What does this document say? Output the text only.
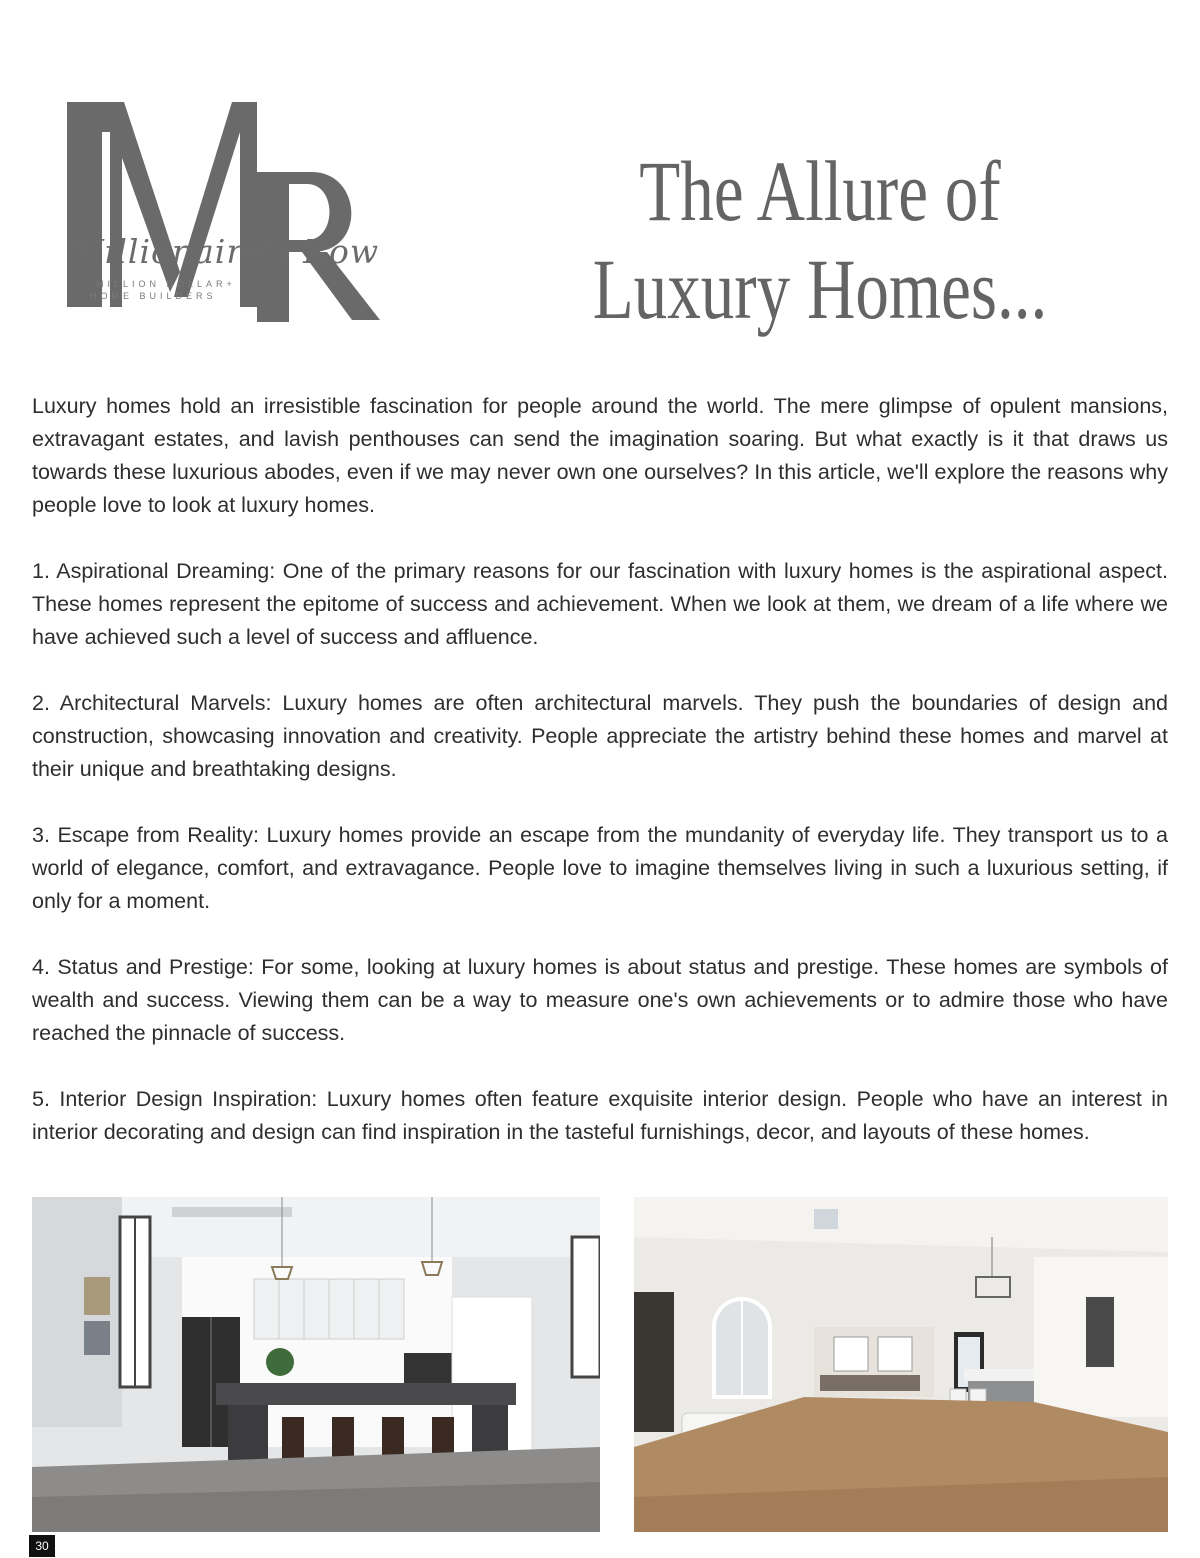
Millionaire's Row
MILLION DOLLAR+
HOME BUILDERS
The Allure of
Luxury Homes...

Luxury homes hold an irresistible fascination for people around the world. The mere glimpse of opulent mansions, extravagant estates, and lavish penthouses can send the imagination soaring. But what exactly is it that draws us towards these luxurious abodes, even if we may never own one ourselves? In this article, we'll explore the reasons why people love to look at luxury homes.

1. Aspirational Dreaming: One of the primary reasons for our fascination with luxury homes is the aspirational aspect. These homes represent the epitome of success and achievement. When we look at them, we dream of a life where we have achieved such a level of success and affluence.

2. Architectural Marvels: Luxury homes are often architectural marvels. They push the boundaries of design and construction, showcasing innovation and creativity. People appreciate the artistry behind these homes and marvel at their unique and breathtaking designs.

3. Escape from Reality: Luxury homes provide an escape from the mundanity of everyday life. They transport us to a world of elegance, comfort, and extravagance. People love to imagine themselves living in such a luxurious setting, if only for a moment.

4. Status and Prestige: For some, looking at luxury homes is about status and prestige. These homes are symbols of wealth and success. Viewing them can be a way to measure one's own achievements or to admire those who have reached the pinnacle of success.

5. Interior Design Inspiration: Luxury homes often feature exquisite interior design. People who have an interest in interior decorating and design can find inspiration in the tasteful furnishings, decor, and layouts of these homes.

30
